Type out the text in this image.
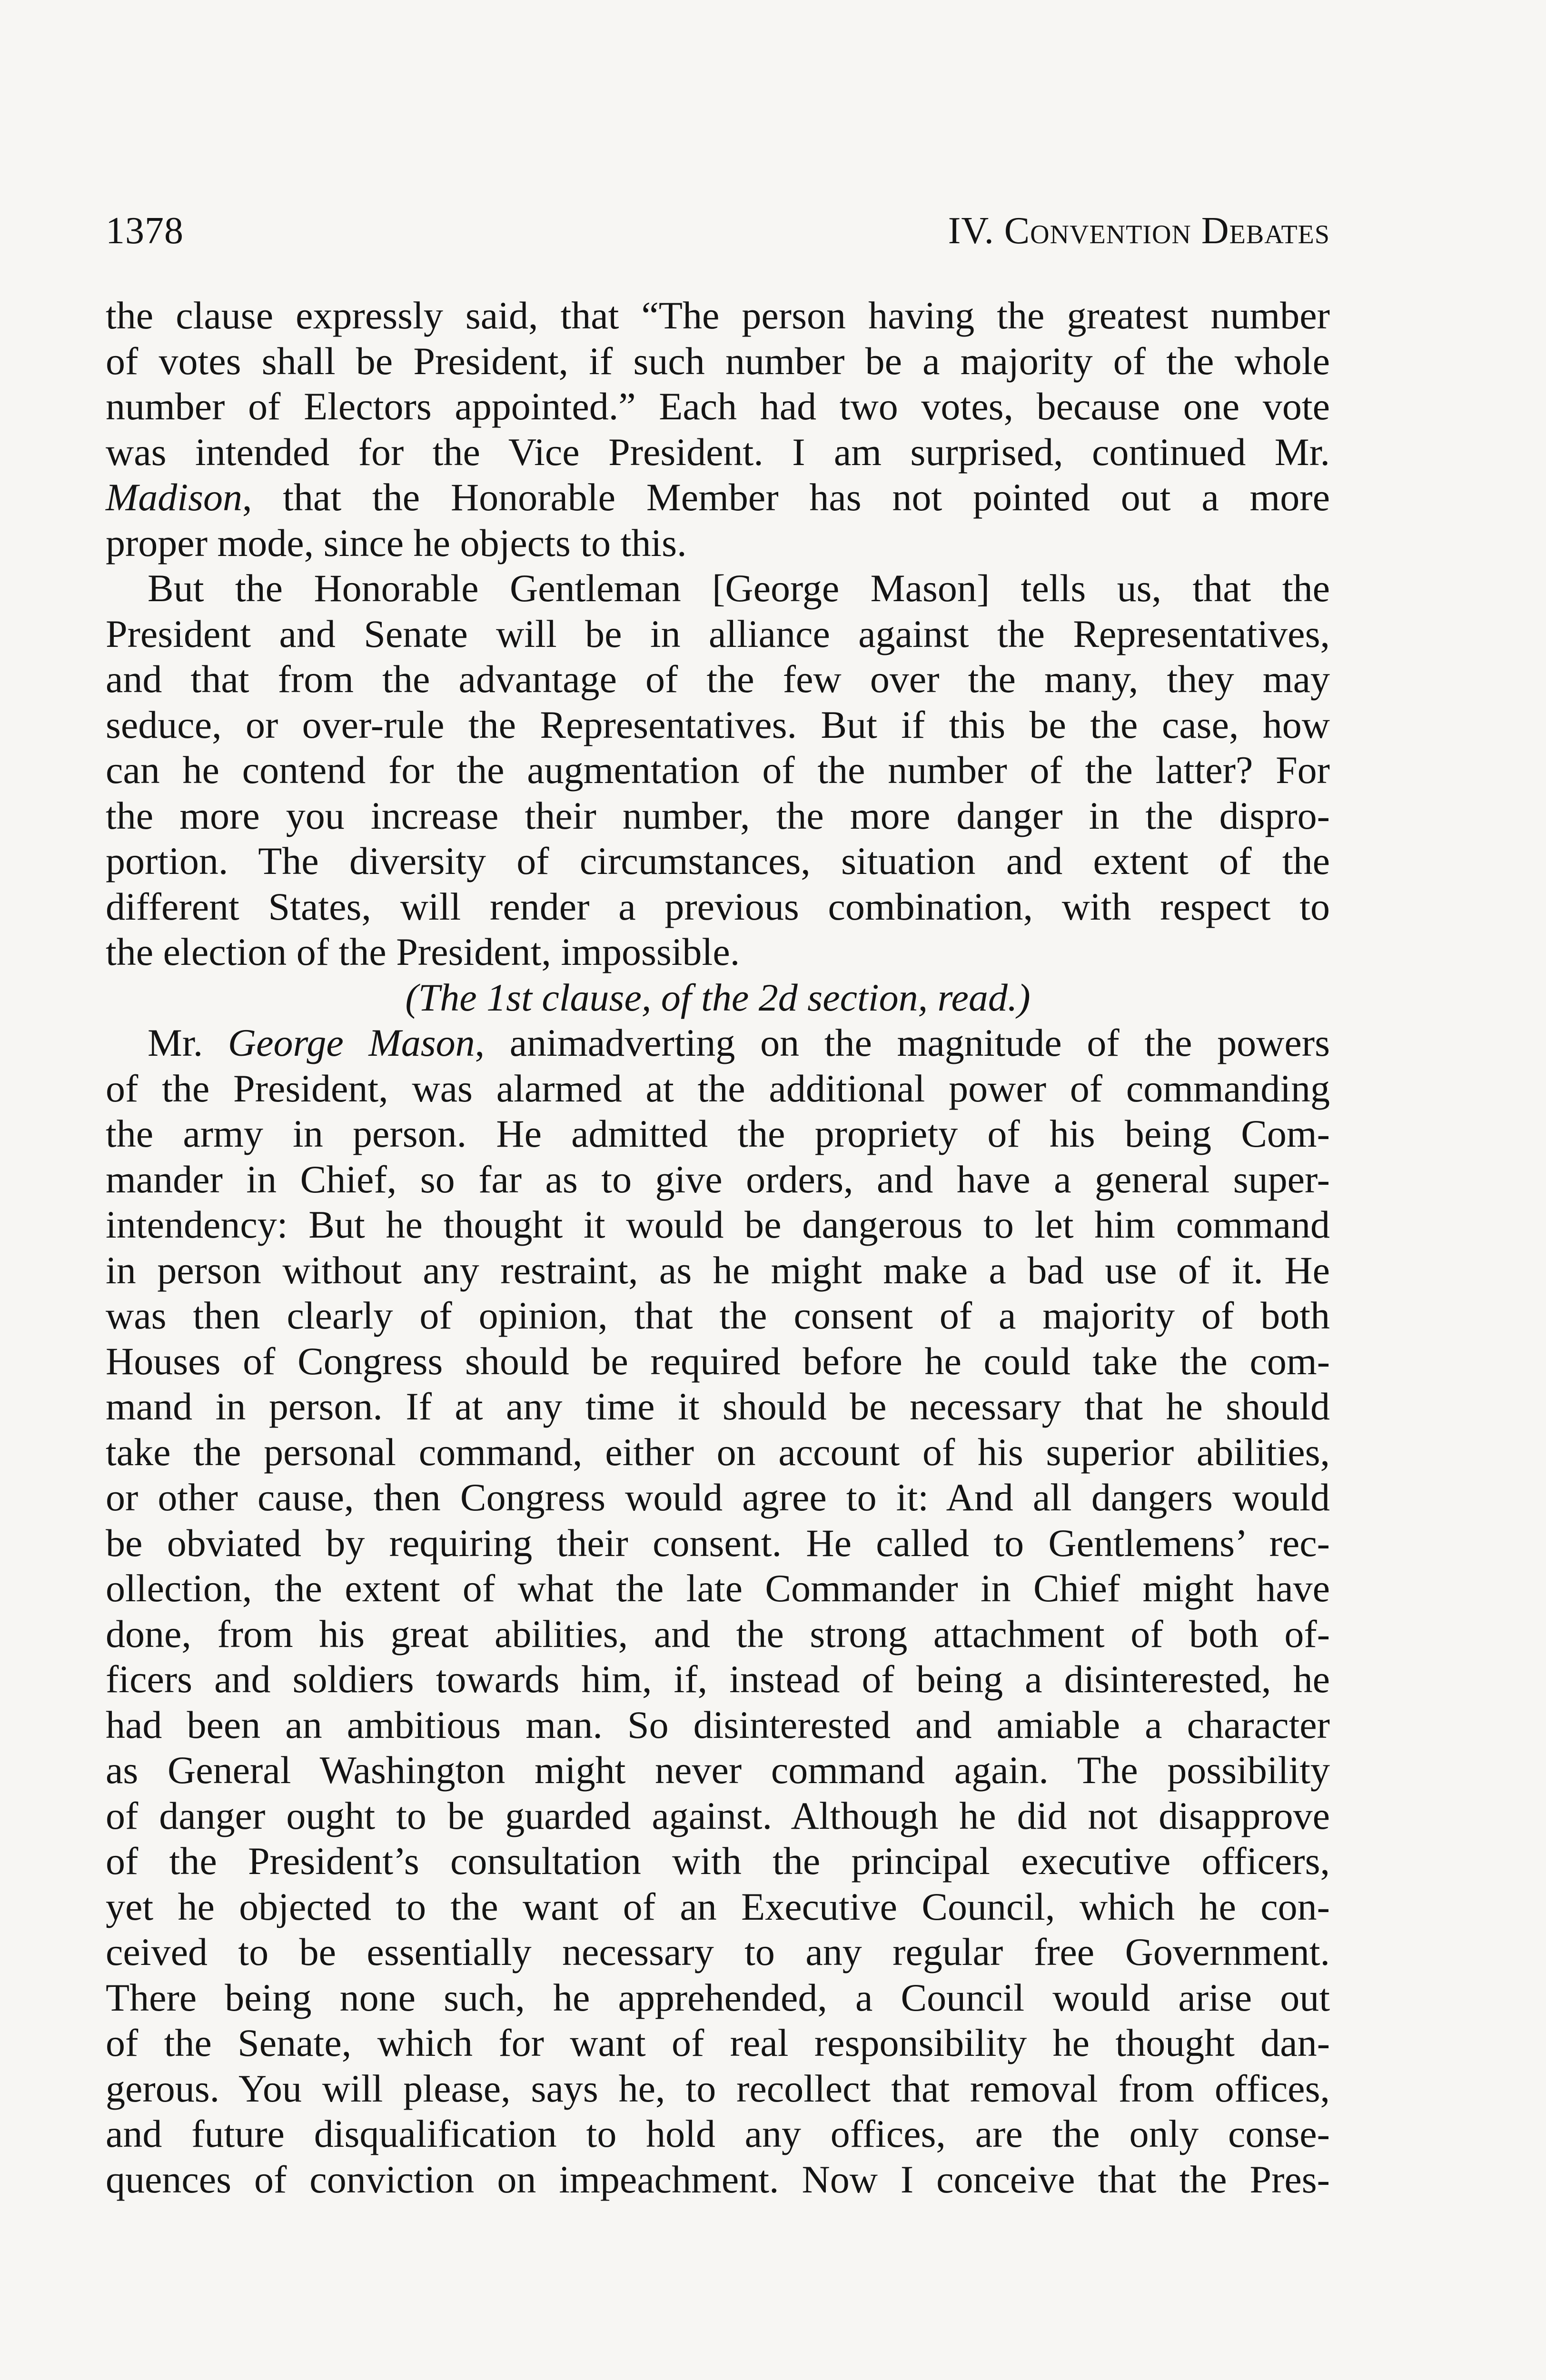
1378	IV. Convention Debates
the clause expressly said, that “The person having the greatest number
of votes shall be President, if such number be a majority of the whole
number of Electors appointed.” Each had two votes, because one vote
was intended for the Vice President. I am surprised, continued Mr.
Madison, that the Honorable Member has not pointed out a more
proper mode, since he objects to this.
But the Honorable Gentleman [George Mason] tells us, that the
President and Senate will be in alliance against the Representatives,
and that from the advantage of the few over the many, they may
seduce, or over-rule the Representatives. But if this be the case, how
can he contend for the augmentation of the number of the latter? For
the more you increase their number, the more danger in the dispro-
portion. The diversity of circumstances, situation and extent of the
different States, will render a previous combination, with respect to
the election of the President, impossible.
(The 1st clause, of the 2d section, read.)
Mr. George Mason, animadverting on the magnitude of the powers
of the President, was alarmed at the additional power of commanding
the army in person. He admitted the propriety of his being Com-
mander in Chief, so far as to give orders, and have a general super-
intendency: But he thought it would be dangerous to let him command
in person without any restraint, as he might make a bad use of it. He
was then clearly of opinion, that the consent of a majority of both
Houses of Congress should be required before he could take the com-
mand in person. If at any time it should be necessary that he should
take the personal command, either on account of his superior abilities,
or other cause, then Congress would agree to it: And all dangers would
be obviated by requiring their consent. He called to Gentlemens’ rec-
ollection, the extent of what the late Commander in Chief might have
done, from his great abilities, and the strong attachment of both of-
ficers and soldiers towards him, if, instead of being a disinterested, he
had been an ambitious man. So disinterested and amiable a character
as General Washington might never command again. The possibility
of danger ought to be guarded against. Although he did not disapprove
of the President’s consultation with the principal executive officers,
yet he objected to the want of an Executive Council, which he con-
ceived to be essentially necessary to any regular free Government.
There being none such, he apprehended, a Council would arise out
of the Senate, which for want of real responsibility he thought dan-
gerous. You will please, says he, to recollect that removal from offices,
and future disqualification to hold any offices, are the only conse-
quences of conviction on impeachment. Now I conceive that the Pres-
